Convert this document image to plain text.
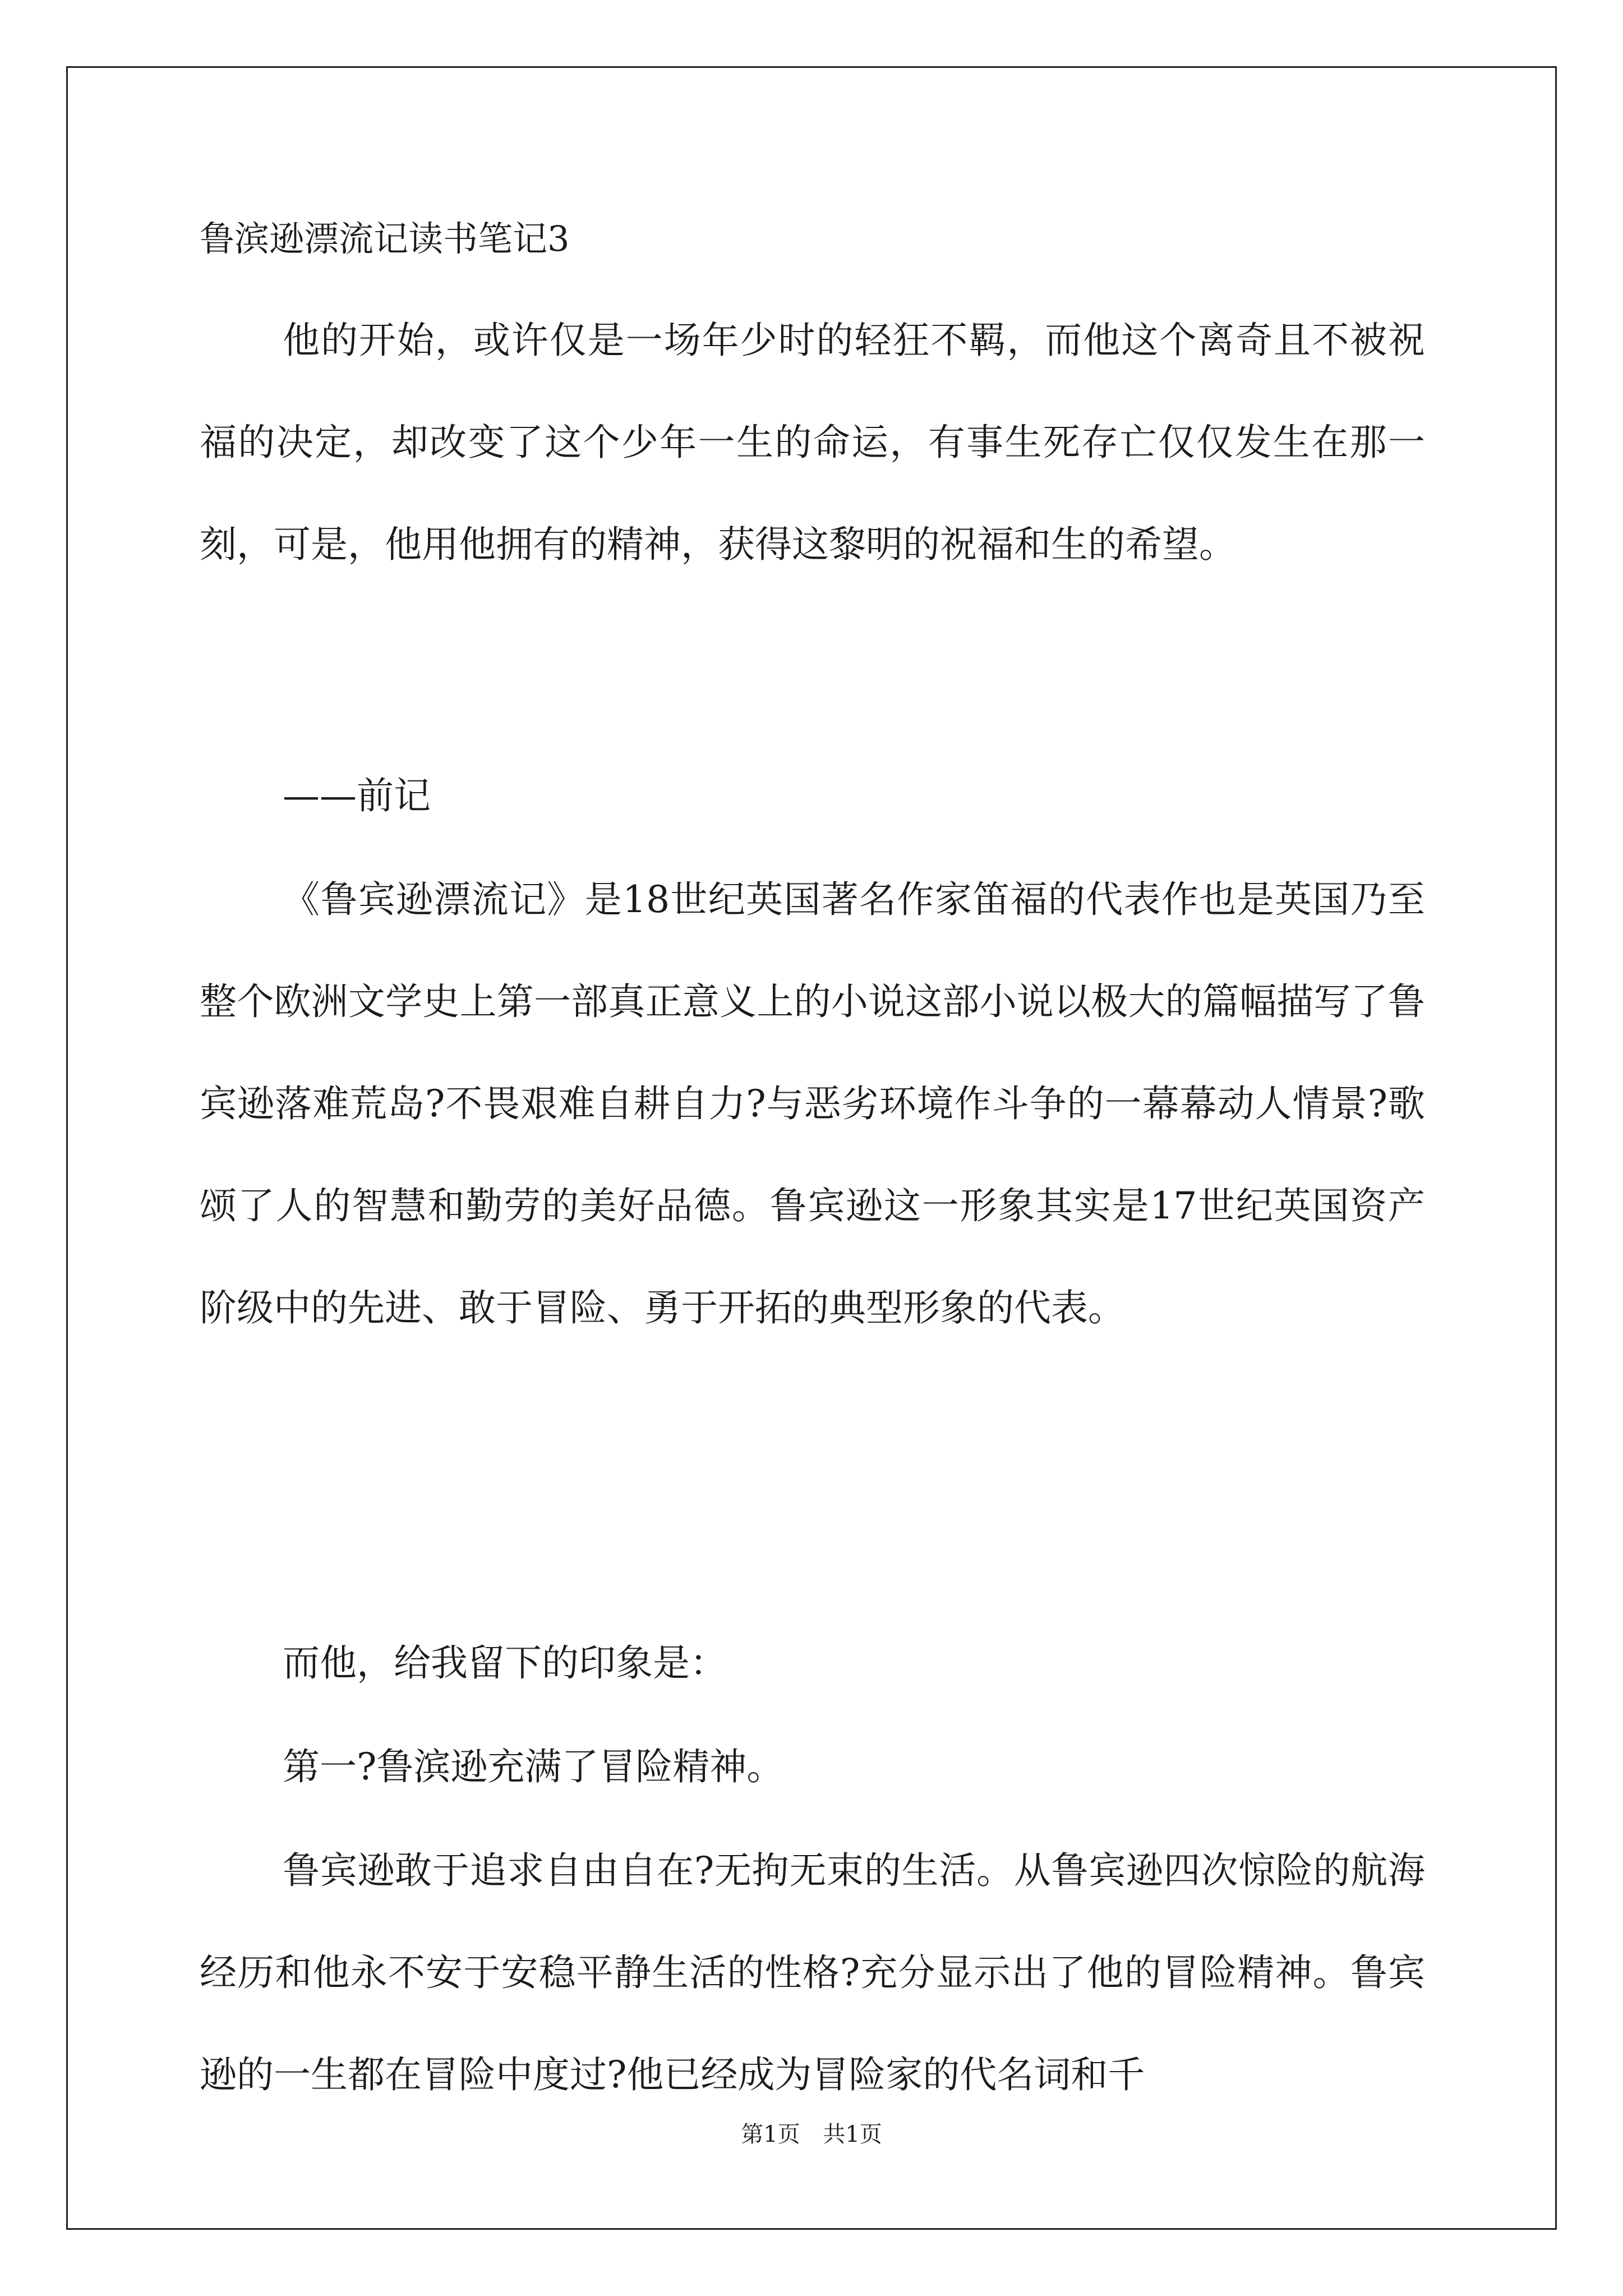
鲁滨逊漂流记读书笔记3

他的开始，或许仅是一场年少时的轻狂不羁，而他这个离奇且不被祝福的决定，却改变了这个少年一生的命运，有事生死存亡仅仅发生在那一刻，可是，他用他拥有的精神，获得这黎明的祝福和生的希望。

——前记

《鲁宾逊漂流记》是18世纪英国著名作家笛福的代表作也是英国乃至整个欧洲文学史上第一部真正意义上的小说这部小说以极大的篇幅描写了鲁宾逊落难荒岛?不畏艰难自耕自力?与恶劣环境作斗争的一幕幕动人情景?歌颂了人的智慧和勤劳的美好品德。鲁宾逊这一形象其实是17世纪英国资产阶级中的先进、敢于冒险、勇于开拓的典型形象的代表。

而他，给我留下的印象是：

第一?鲁滨逊充满了冒险精神。

鲁宾逊敢于追求自由自在?无拘无束的生活。从鲁宾逊四次惊险的航海经历和他永不安于安稳平静生活的性格?充分显示出了他的冒险精神。鲁宾逊的一生都在冒险中度过?他已经成为冒险家的代名词和千

第1页 共1页
